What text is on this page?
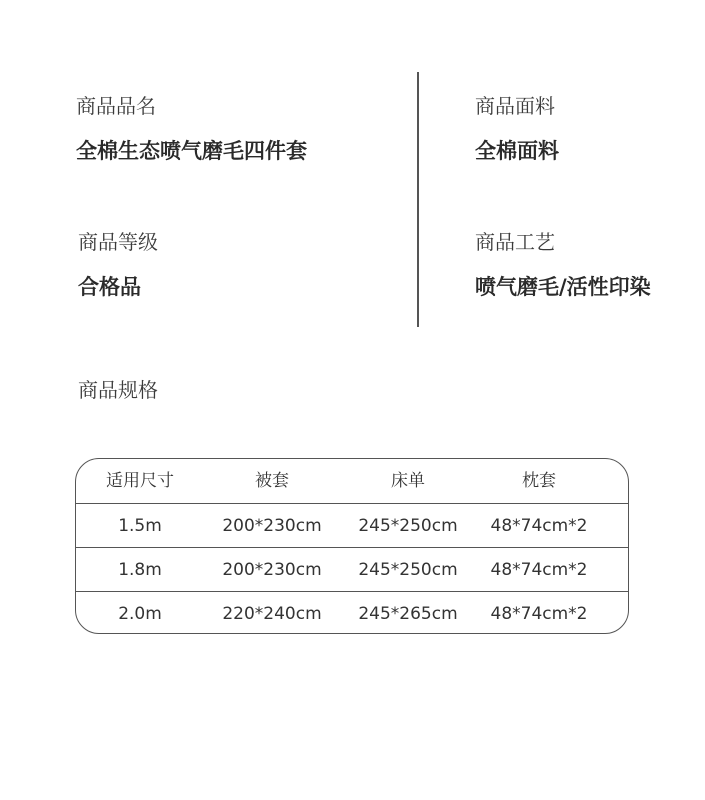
商品品名
全棉生态喷气磨毛四件套
商品面料
全棉面料
商品等级
合格品
商品工艺
喷气磨毛/活性印染
商品规格
适用尺寸	被套	床单	枕套
1.5m	200*230cm	245*250cm	48*74cm*2
1.8m	200*230cm	245*250cm	48*74cm*2
2.0m	220*240cm	245*265cm	48*74cm*2
